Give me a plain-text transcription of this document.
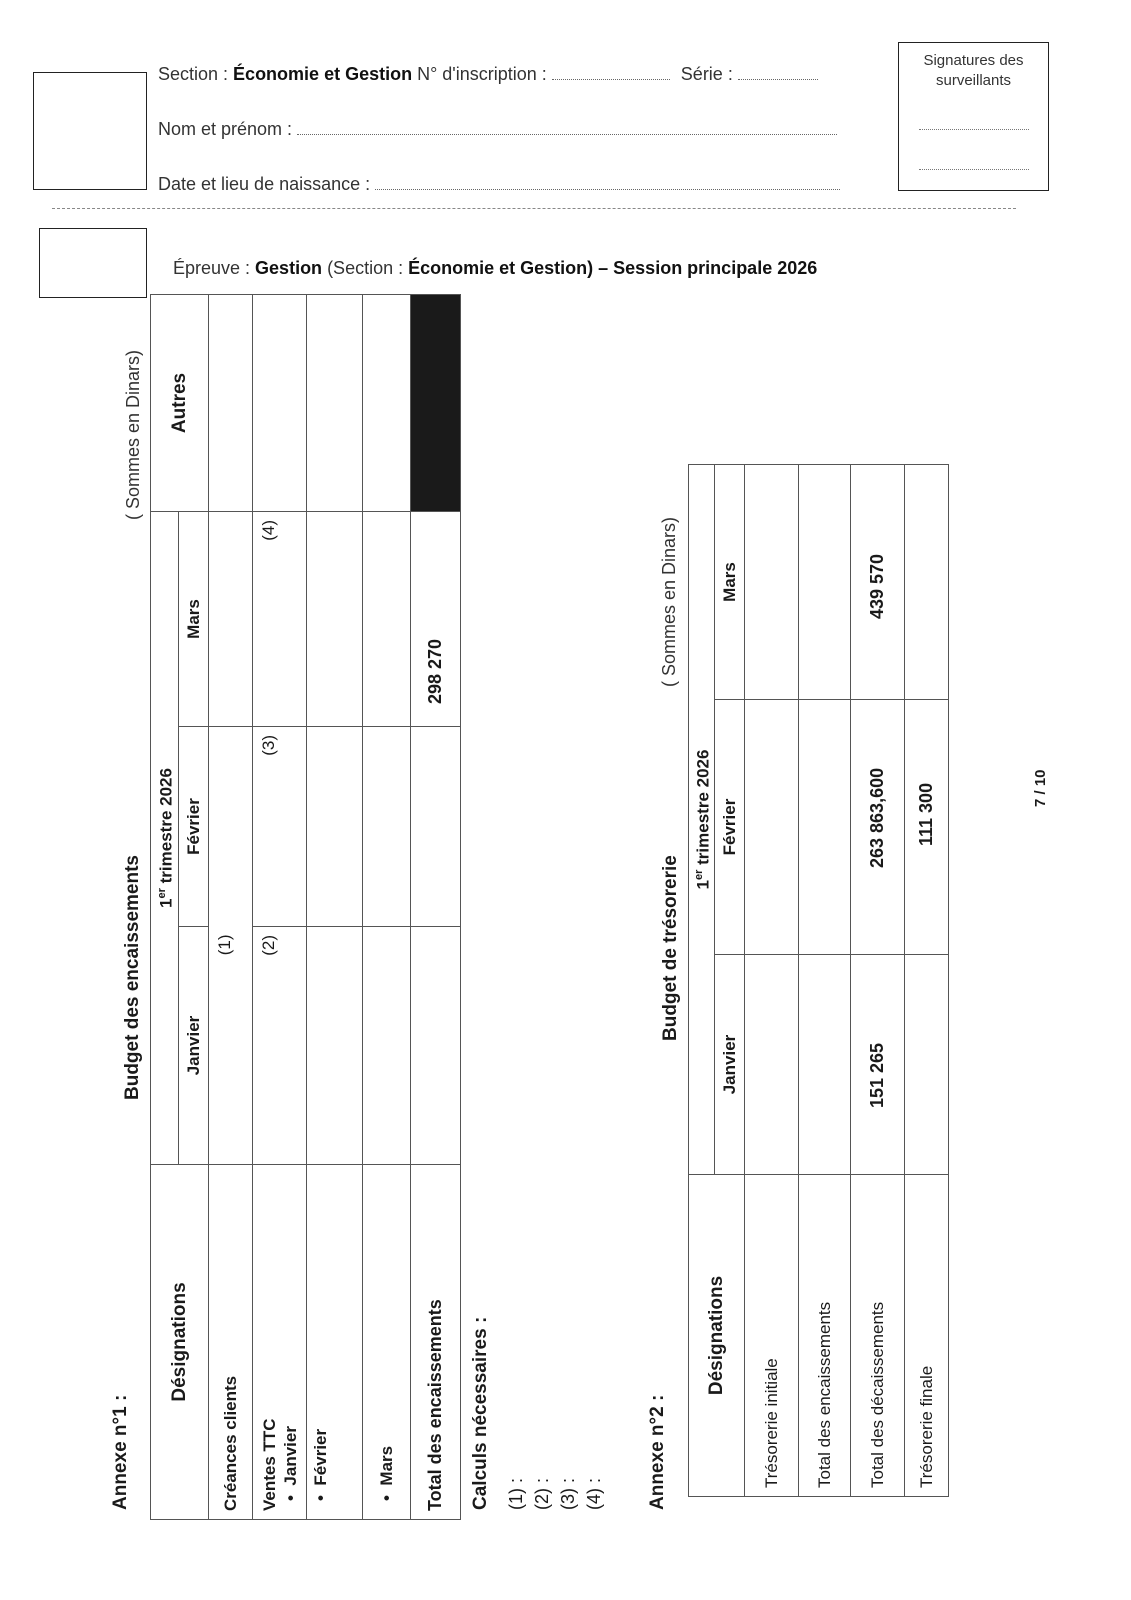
Section : Économie et Gestion N° d'inscription :	Série :
Nom et prénom :
Date et lieu de naissance :
Signatures des surveillants
Épreuve : Gestion (Section : Économie et Gestion) – Session principale 2026
Annexe n°1 :
Budget des encaissements
( Sommes en Dinars)
Désignations	1er trimestre 2026			Autres
	Janvier	Février	Mars	
Créances clients	(1)			

Ventes TTC •  Janvier	(2)	(3)	(4)	
•  Février				
•  Mars				
Total des encaissements			298 270	
Calculs nécessaires : (1) : (2) : (3) : (4) : Annexe n°2 :
Budget de trésorerie
( Sommes en Dinars)
Désignations	1er trimestre 2026		
	Janvier	Février	Mars
Trésorerie initiale			
Total des encaissements			
Total des décaissements	151 265	263 863,600	439 570
Trésorerie finale		111 300		7 / 10
